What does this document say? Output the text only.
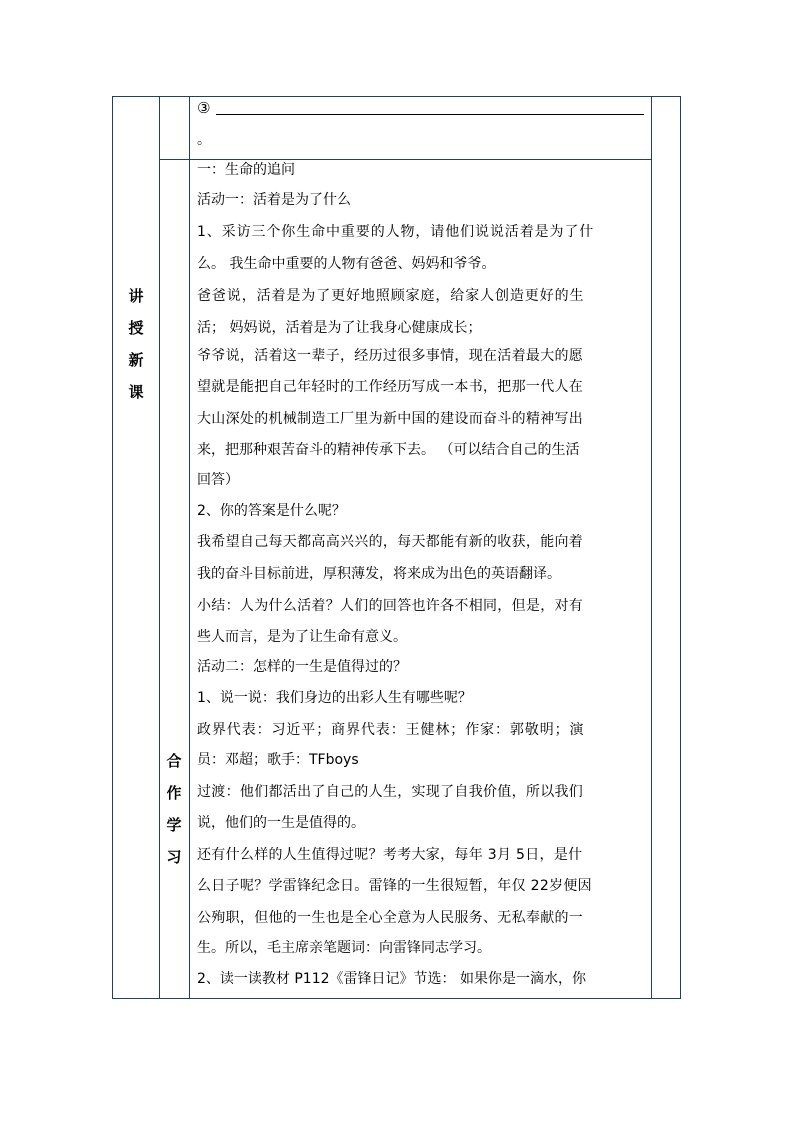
讲
授
新
课
合
作
学
习
③
。
一：生命的追问
活动一：活着是为了什么
1、采访三个你生命中重要的人物，请他们说说活着是为了什
么。 我生命中重要的人物有爸爸、妈妈和爷爷。
爸爸说，活着是为了更好地照顾家庭，给家人创造更好的生
活； 妈妈说，活着是为了让我身心健康成长；
爷爷说，活着这一辈子，经历过很多事情，现在活着最大的愿
望就是能把自己年轻时的工作经历写成一本书，把那一代人在
大山深处的机械制造工厂里为新中国的建设而奋斗的精神写出
来，把那种艰苦奋斗的精神传承下去。 （可以结合自己的生活
回答）
2、你的答案是什么呢？
我希望自己每天都高高兴兴的，每天都能有新的收获，能向着
我的奋斗目标前进，厚积薄发，将来成为出色的英语翻译。
小结：人为什么活着？人们的回答也许各不相同，但是，对有
些人而言，是为了让生命有意义。
活动二：怎样的一生是值得过的？
1、说一说：我们身边的出彩人生有哪些呢？
政界代表：习近平；商界代表：王健林；作家：郭敬明；演
员：邓超；歌手：TFboys
过渡：他们都活出了自己的人生，实现了自我价值，所以我们
说，他们的一生是值得的。
还有什么样的人生值得过呢？考考大家，每年 3月 5日，是什
么日子呢？学雷锋纪念日。雷锋的一生很短暂，年仅 22岁便因
公殉职，但他的一生也是全心全意为人民服务、无私奉献的一
生。所以，毛主席亲笔题词：向雷锋同志学习。
2、读一读教材 P112《雷锋日记》节选： 如果你是一滴水，你
